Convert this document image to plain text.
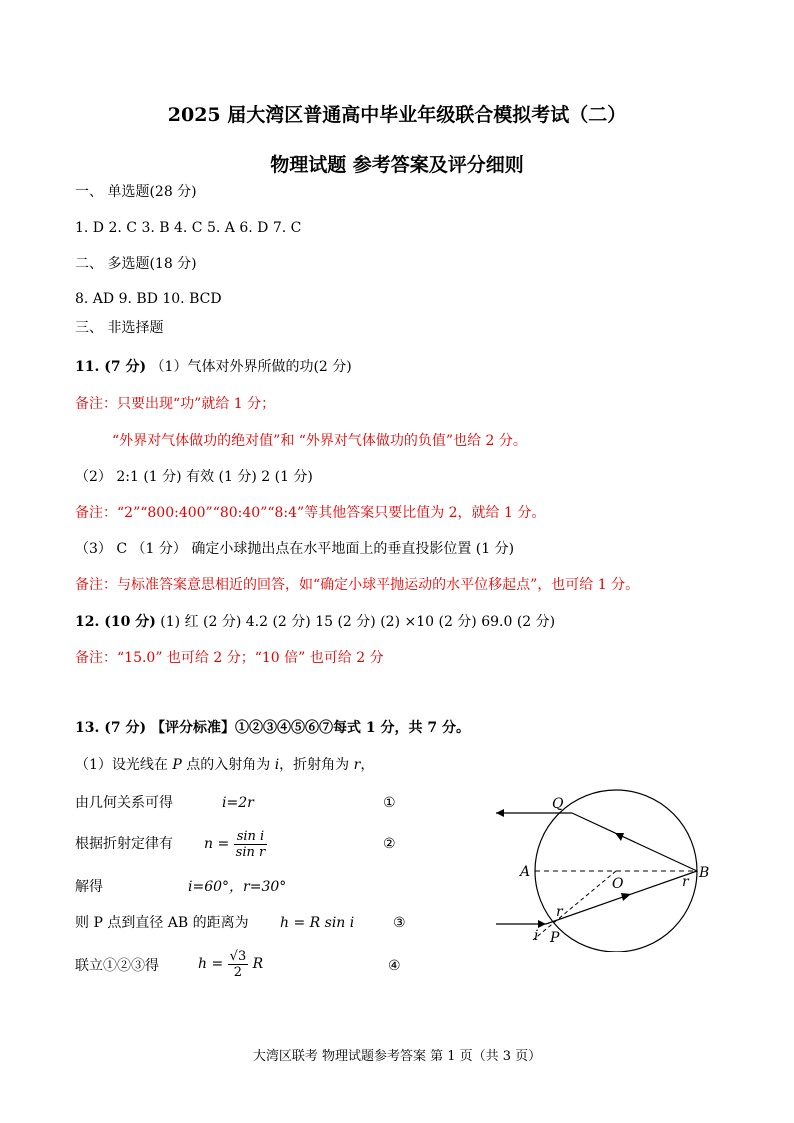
2025 届大湾区普通高中毕业年级联合模拟考试（二）
物理试题 参考答案及评分细则
一、 单选题(28 分)
1. D 2. C 3. B 4. C 5. A 6. D 7. C
二、 多选题(18 分)
8. AD 9. BD 10. BCD
三、 非选择题
11. (7 分) （1）气体对外界所做的功(2 分)
备注：只要出现“功”就给 1 分；
“外界对气体做功的绝对值”和 “外界对气体做功的负值”也给 2 分。
（2） 2:1 (1 分) 有效 (1 分) 2 (1 分)
备注：“2”“800:400”“80:40”“8:4”等其他答案只要比值为 2，就给 1 分。
（3） C （1 分） 确定小球抛出点在水平地面上的垂直投影位置 (1 分)
备注：与标准答案意思相近的回答，如“确定小球平抛运动的水平位移起点”，也可给 1 分。
12. (10 分) (1) 红 (2 分) 4.2 (2 分) 15 (2 分) (2) ×10 (2 分) 69.0 (2 分)
备注：“15.0” 也可给 2 分；“10 倍” 也可给 2 分
13. (7 分) 【评分标准】①②③④⑤⑥⑦每式 1 分，共 7 分。
（1）设光线在 P 点的入射角为 i，折射角为 r，
由几何关系可得	i=2r	①
根据折射定律有 $n = \frac{\text{sin i}}{\text{sin r}}$	②
解得	i=60°，r=30°
则 P 点到直径 AB 的距离为 h = R sin i	③
联立①②③得	$h = \frac{√3}{2}$ R	④
Q
A
O
B
r
r
i P
大湾区联考 物理试题参考答案 第 1 页（共 3 页）
